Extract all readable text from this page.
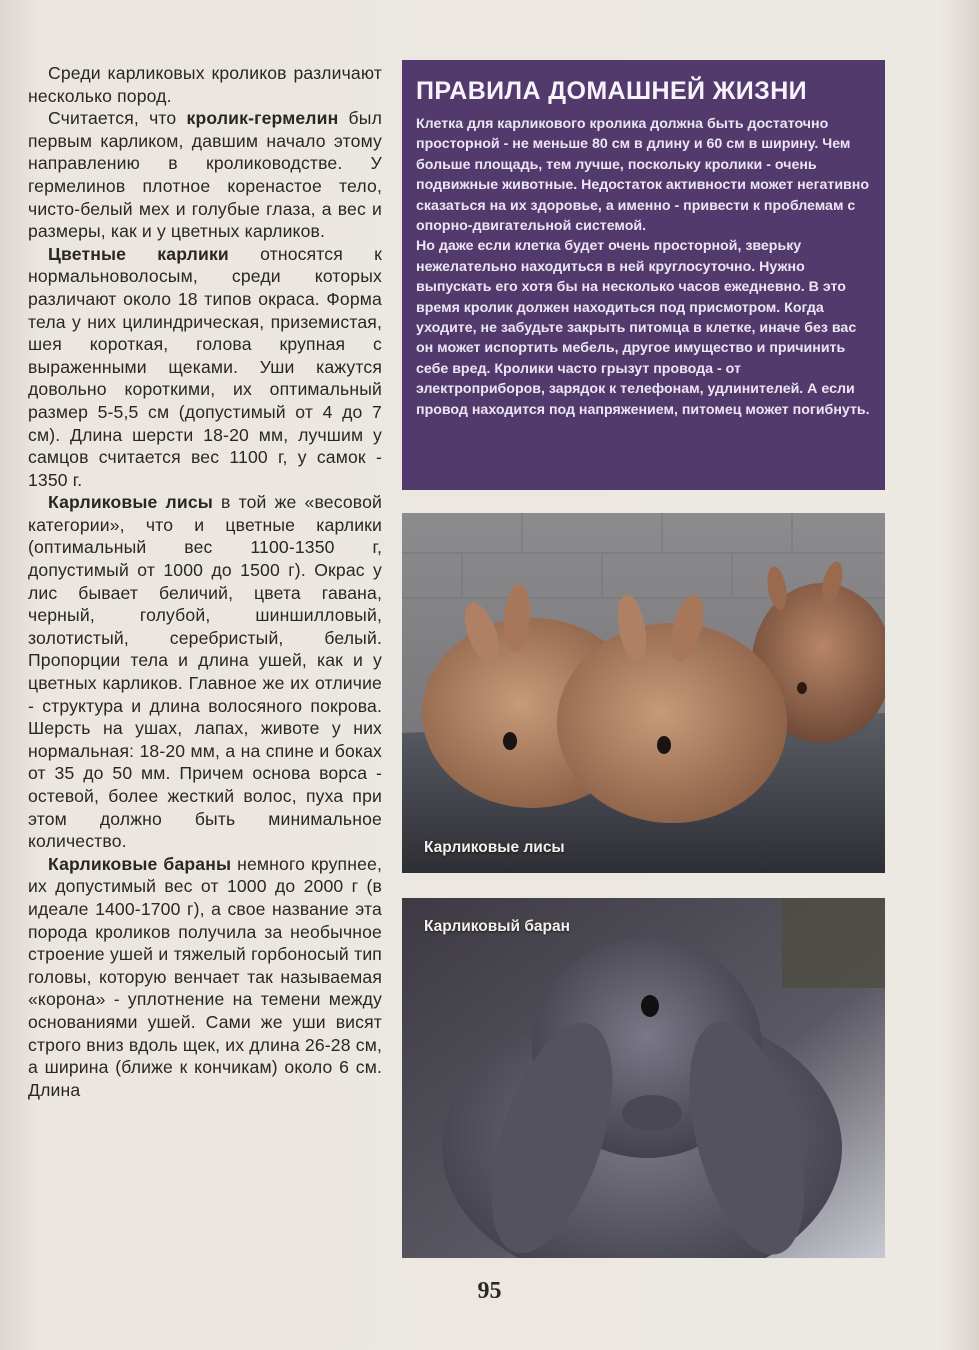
Среди карликовых кроликов различают несколько пород.

Считается, что кролик-гермелин был первым карликом, давшим начало этому направлению в кролиководстве. У гермелинов плотное коренастое тело, чисто-белый мех и голубые глаза, а вес и размеры, как и у цветных карликов.

Цветные карлики относятся к нормальноволосым, среди которых различают около 18 типов окраса. Форма тела у них цилиндрическая, приземистая, шея короткая, голова крупная с выраженными щеками. Уши кажутся довольно короткими, их оптимальный размер 5-5,5 см (допустимый от 4 до 7 см). Длина шерсти 18-20 мм, лучшим у самцов считается вес 1100 г, у самок - 1350 г.

Карликовые лисы в той же «весовой категории», что и цветные карлики (оптимальный вес 1100-1350 г, допустимый от 1000 до 1500 г). Окрас у лис бывает беличий, цвета гавана, черный, голубой, шиншилловый, золотистый, серебристый, белый. Пропорции тела и длина ушей, как и у цветных карликов. Главное же их отличие - структура и длина волосяного покрова. Шерсть на ушах, лапах, животе у них нормальная: 18-20 мм, а на спине и боках от 35 до 50 мм. Причем основа ворса - остевой, более жесткий волос, пуха при этом должно быть минимальное количество.

Карликовые бараны немного крупнее, их допустимый вес от 1000 до 2000 г (в идеале 1400-1700 г), а свое название эта порода кроликов получила за необычное строение ушей и тяжелый горбоносый тип головы, которую венчает так называемая «корона» - уплотнение на темени между основаниями ушей. Сами же уши висят строго вниз вдоль щек, их длина 26-28 см, а ширина (ближе к кончикам) около 6 см. Длина

ПРАВИЛА ДОМАШНЕЙ ЖИЗНИ

Клетка для карликового кролика должна быть достаточно просторной - не меньше 80 см в длину и 60 см в ширину. Чем больше площадь, тем лучше, поскольку кролики - очень подвижные животные. Недостаток активности может негативно сказаться на их здоровье, а именно - привести к проблемам с опорно-двигательной системой.

Но даже если клетка будет очень просторной, зверьку нежелательно находиться в ней круглосуточно. Нужно выпускать его хотя бы на несколько часов ежедневно. В это время кролик должен находиться под присмотром. Когда уходите, не забудьте закрыть питомца в клетке, иначе без вас он может испортить мебель, другое имущество и причинить себе вред. Кролики часто грызут провода - от электроприборов, зарядок к телефонам, удлинителей. А если провод находится под напряжением, питомец может погибнуть.

Карликовые лисы
Карликовый баран
95
